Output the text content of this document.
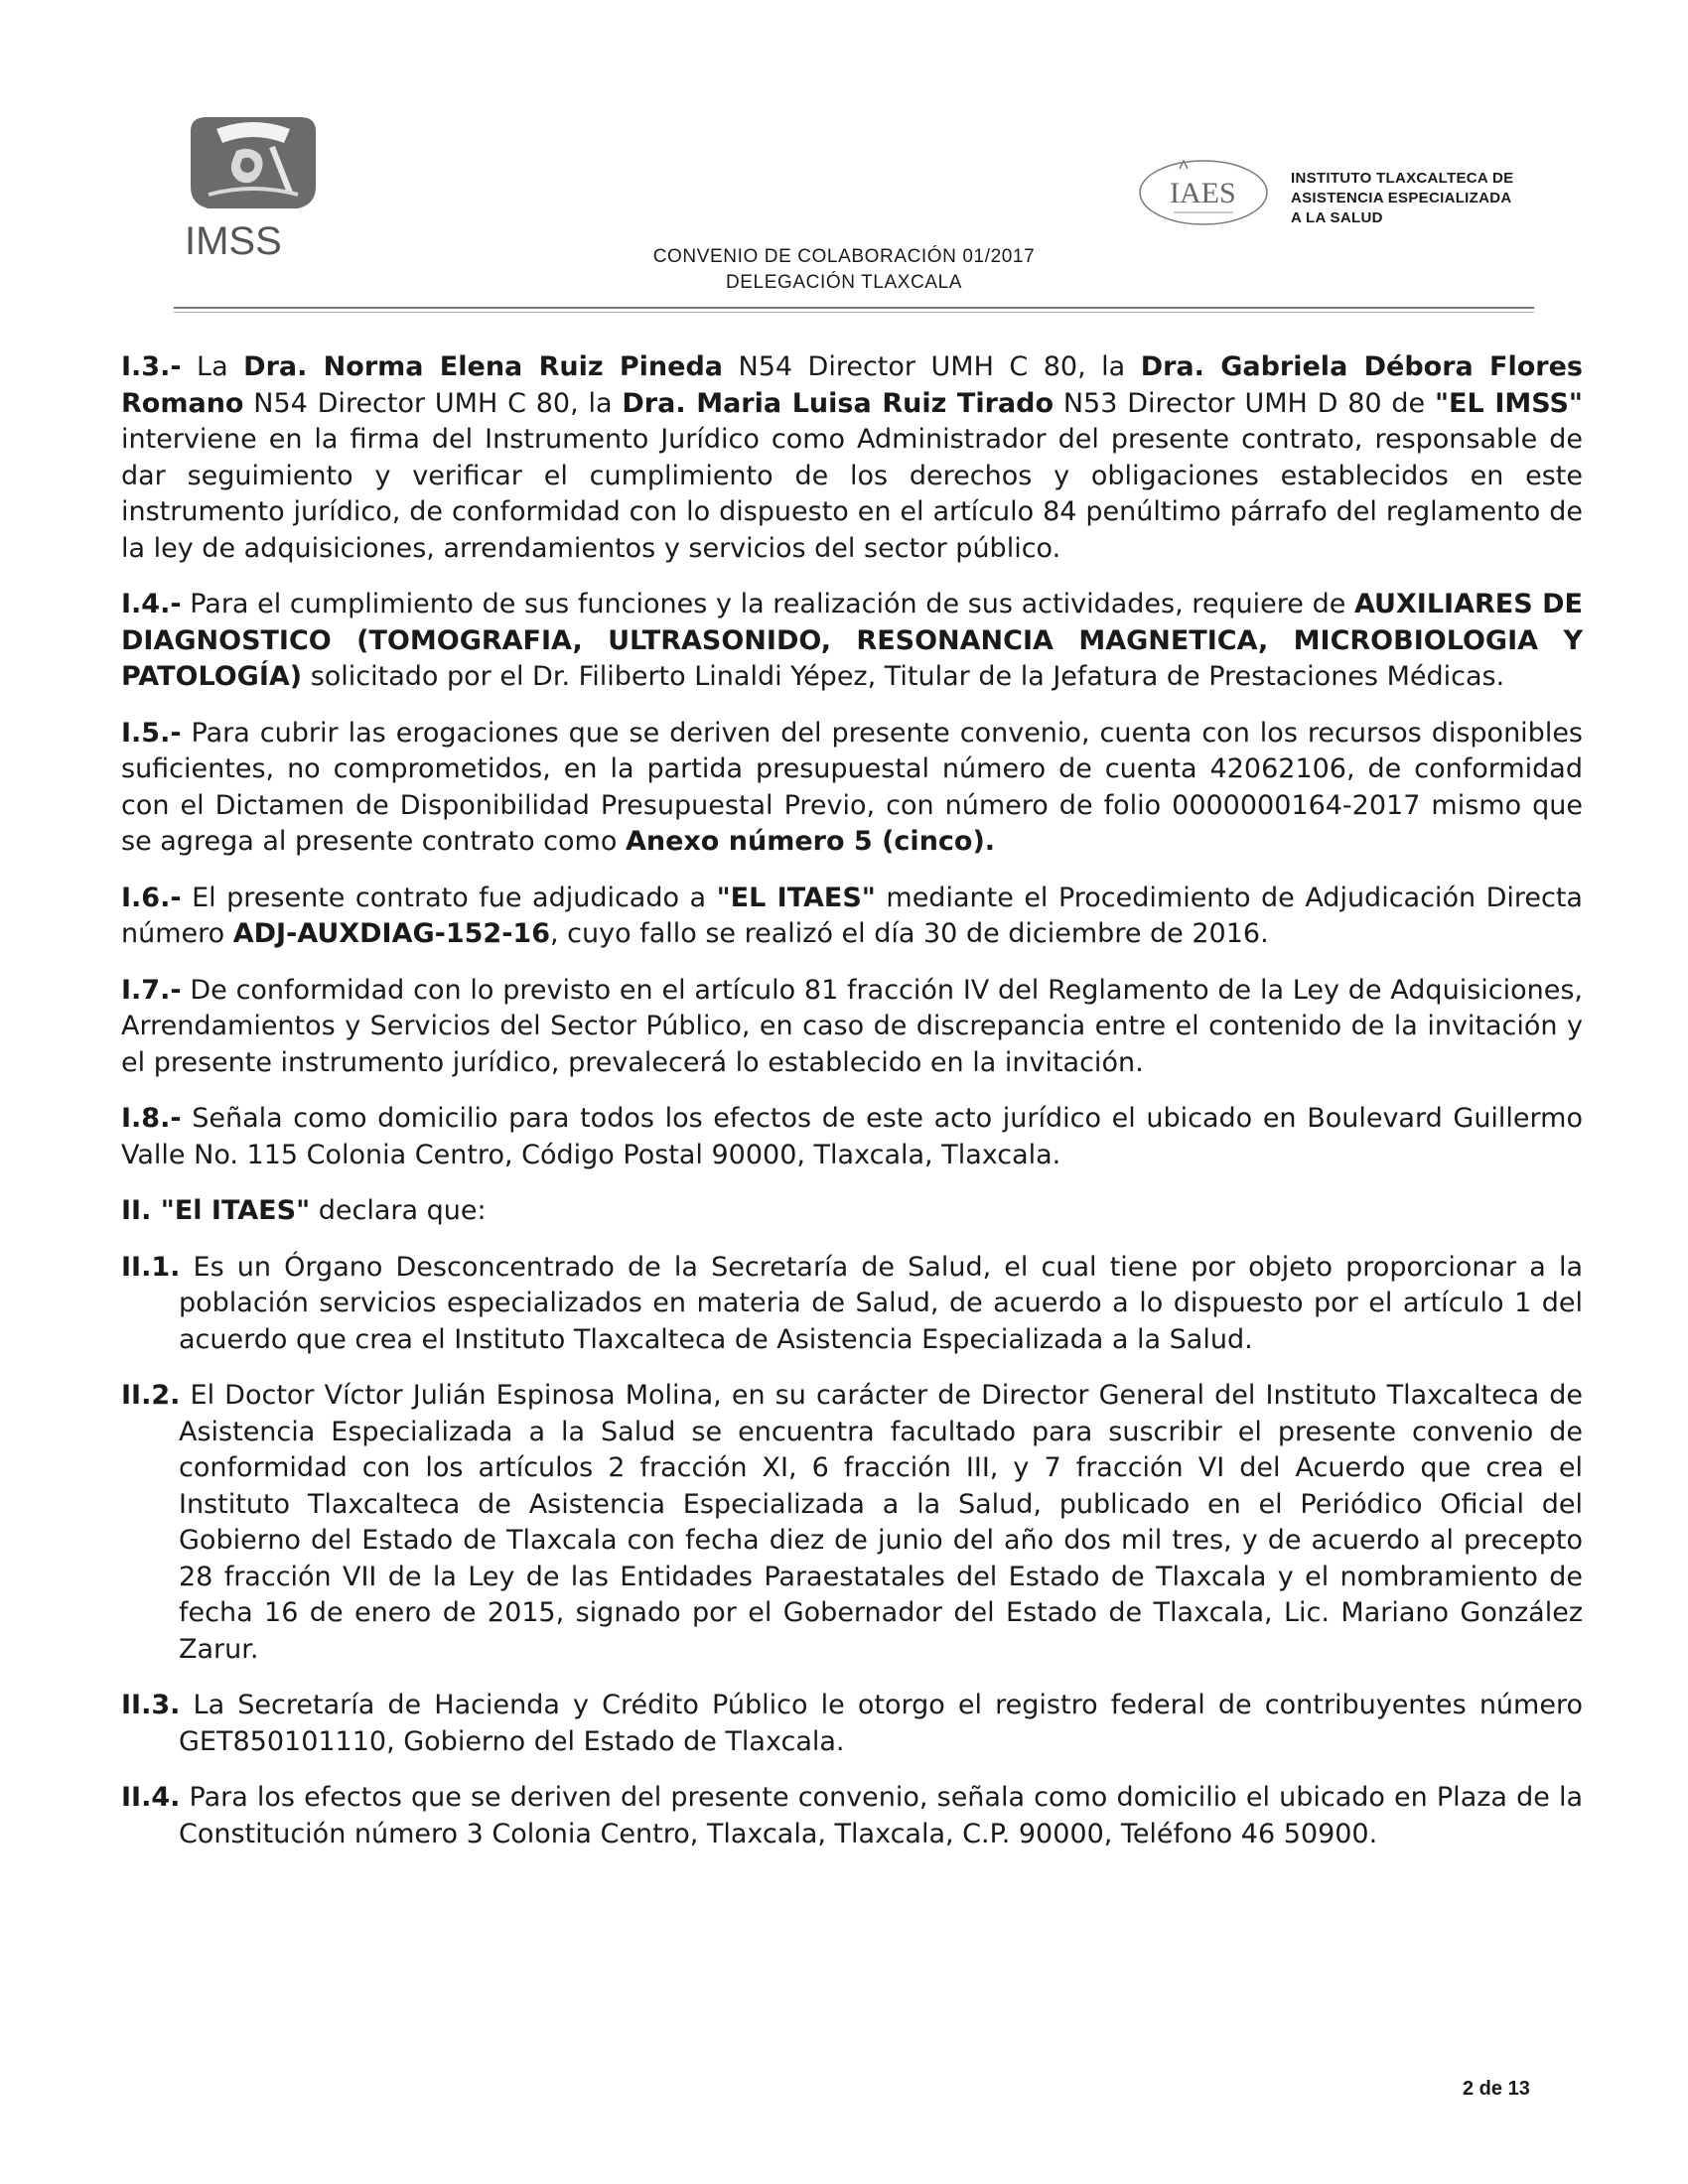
IMSS
IAES	INSTITUTO TLAXCALTECA DE
ASISTENCIA ESPECIALIZADA
A LA SALUD
CONVENIO DE COLABORACIÓN 01/2017
DELEGACIÓN TLAXCALA

I.3.- La Dra. Norma Elena Ruiz Pineda N54 Director UMH C 80, la Dra. Gabriela Débora Flores Romano N54 Director UMH C 80, la Dra. Maria Luisa Ruiz Tirado N53 Director UMH D 80 de "EL IMSS" interviene en la firma del Instrumento Jurídico como Administrador del presente contrato, responsable de dar seguimiento y verificar el cumplimiento de los derechos y obligaciones establecidos en este instrumento jurídico, de conformidad con lo dispuesto en el artículo 84 penúltimo párrafo del reglamento de la ley de adquisiciones, arrendamientos y servicios del sector público.

I.4.- Para el cumplimiento de sus funciones y la realización de sus actividades, requiere de AUXILIARES DE DIAGNOSTICO (TOMOGRAFIA, ULTRASONIDO, RESONANCIA MAGNETICA, MICROBIOLOGIA Y PATOLOGÍA) solicitado por el Dr. Filiberto Linaldi Yépez, Titular de la Jefatura de Prestaciones Médicas.

I.5.- Para cubrir las erogaciones que se deriven del presente convenio, cuenta con los recursos disponibles suficientes, no comprometidos, en la partida presupuestal número de cuenta 42062106, de conformidad con el Dictamen de Disponibilidad Presupuestal Previo, con número de folio 0000000164-2017 mismo que se agrega al presente contrato como Anexo número 5 (cinco).

I.6.- El presente contrato fue adjudicado a "EL ITAES" mediante el Procedimiento de Adjudicación Directa número ADJ-AUXDIAG-152-16, cuyo fallo se realizó el día 30 de diciembre de 2016.

I.7.- De conformidad con lo previsto en el artículo 81 fracción IV del Reglamento de la Ley de Adquisiciones, Arrendamientos y Servicios del Sector Público, en caso de discrepancia entre el contenido de la invitación y el presente instrumento jurídico, prevalecerá lo establecido en la invitación.

I.8.- Señala como domicilio para todos los efectos de este acto jurídico el ubicado en Boulevard Guillermo Valle No. 115 Colonia Centro, Código Postal 90000, Tlaxcala, Tlaxcala.

II. "El ITAES" declara que:

II.1. Es un Órgano Desconcentrado de la Secretaría de Salud, el cual tiene por objeto proporcionar a la población servicios especializados en materia de Salud, de acuerdo a lo dispuesto por el artículo 1 del acuerdo que crea el Instituto Tlaxcalteca de Asistencia Especializada a la Salud.

II.2. El Doctor Víctor Julián Espinosa Molina, en su carácter de Director General del Instituto Tlaxcalteca de Asistencia Especializada a la Salud se encuentra facultado para suscribir el presente convenio de conformidad con los artículos 2 fracción XI, 6 fracción III, y 7 fracción VI del Acuerdo que crea el Instituto Tlaxcalteca de Asistencia Especializada a la Salud, publicado en el Periódico Oficial del Gobierno del Estado de Tlaxcala con fecha diez de junio del año dos mil tres, y de acuerdo al precepto 28 fracción VII de la Ley de las Entidades Paraestatales del Estado de Tlaxcala y el nombramiento de fecha 16 de enero de 2015, signado por el Gobernador del Estado de Tlaxcala, Lic. Mariano González Zarur.

II.3. La Secretaría de Hacienda y Crédito Público le otorgo el registro federal de contribuyentes número GET850101110, Gobierno del Estado de Tlaxcala.

II.4. Para los efectos que se deriven del presente convenio, señala como domicilio el ubicado en Plaza de la Constitución número 3 Colonia Centro, Tlaxcala, Tlaxcala, C.P. 90000, Teléfono 46 50900.

2 de 13
